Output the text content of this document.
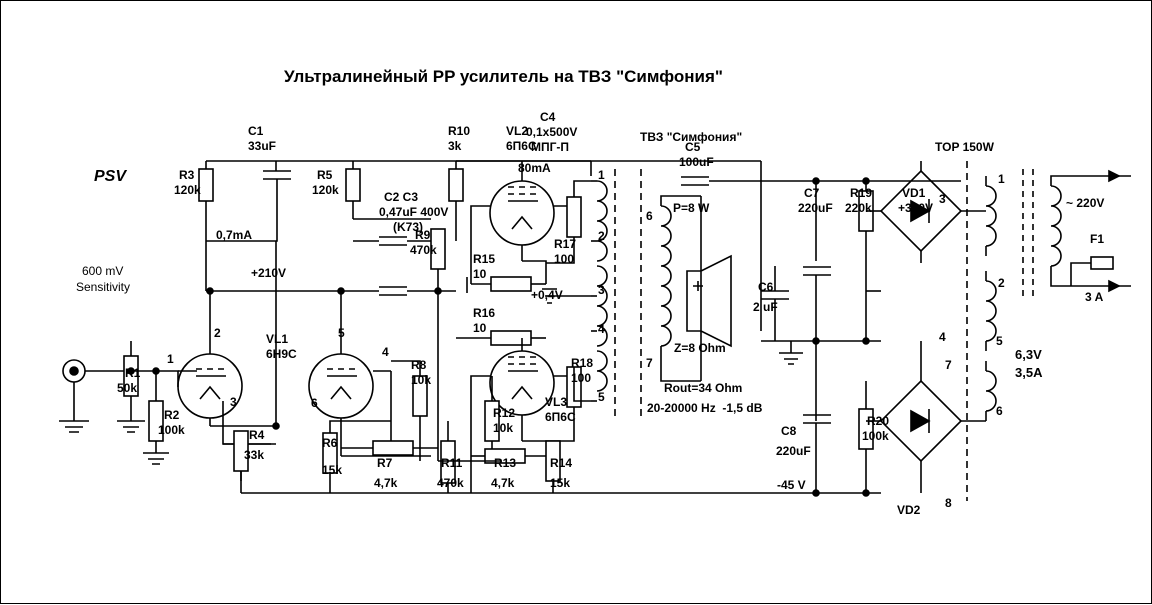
Ультралинейный PP усилитель на ТВЗ "Симфония"
PSV
ТВЗ "Симфония"
TOP 150W
600 mV
Sensitivity
R3
120k
R5
120k
R10
3k
R9
470k
R15
10
R16
10
R17
100
R18
100
R8
10k
R4
33k
R6
15k	R7
4,7k
R11
470k
R12
10k
R13
4,7k
R14
15k
R19
220k
R20
100k
R1
50k
R2
100k
C1
33uF
C2 C3
0,47uF 400V
(K73)
C4
0,1x500V
МПГ-П	C5
100uF
C6
2 uF
C7
220uF
C8
220uF
VL1
6Н9С
VL2
6П6С
VL3
6П6С
1
2
3
4
5
6
0,7mA
+210V
80mA
+0,4V
+300V
-45 V
1
2
3
4
5
6
7
P=8 W
Z=8 Ohm
Rout=34 Ohm
20-20000 Hz  -1,5 dB
VD1
VD2
1
2
3
4
7
8
5
6
~ 220V
F1
3 A
6,3V
3,5A
